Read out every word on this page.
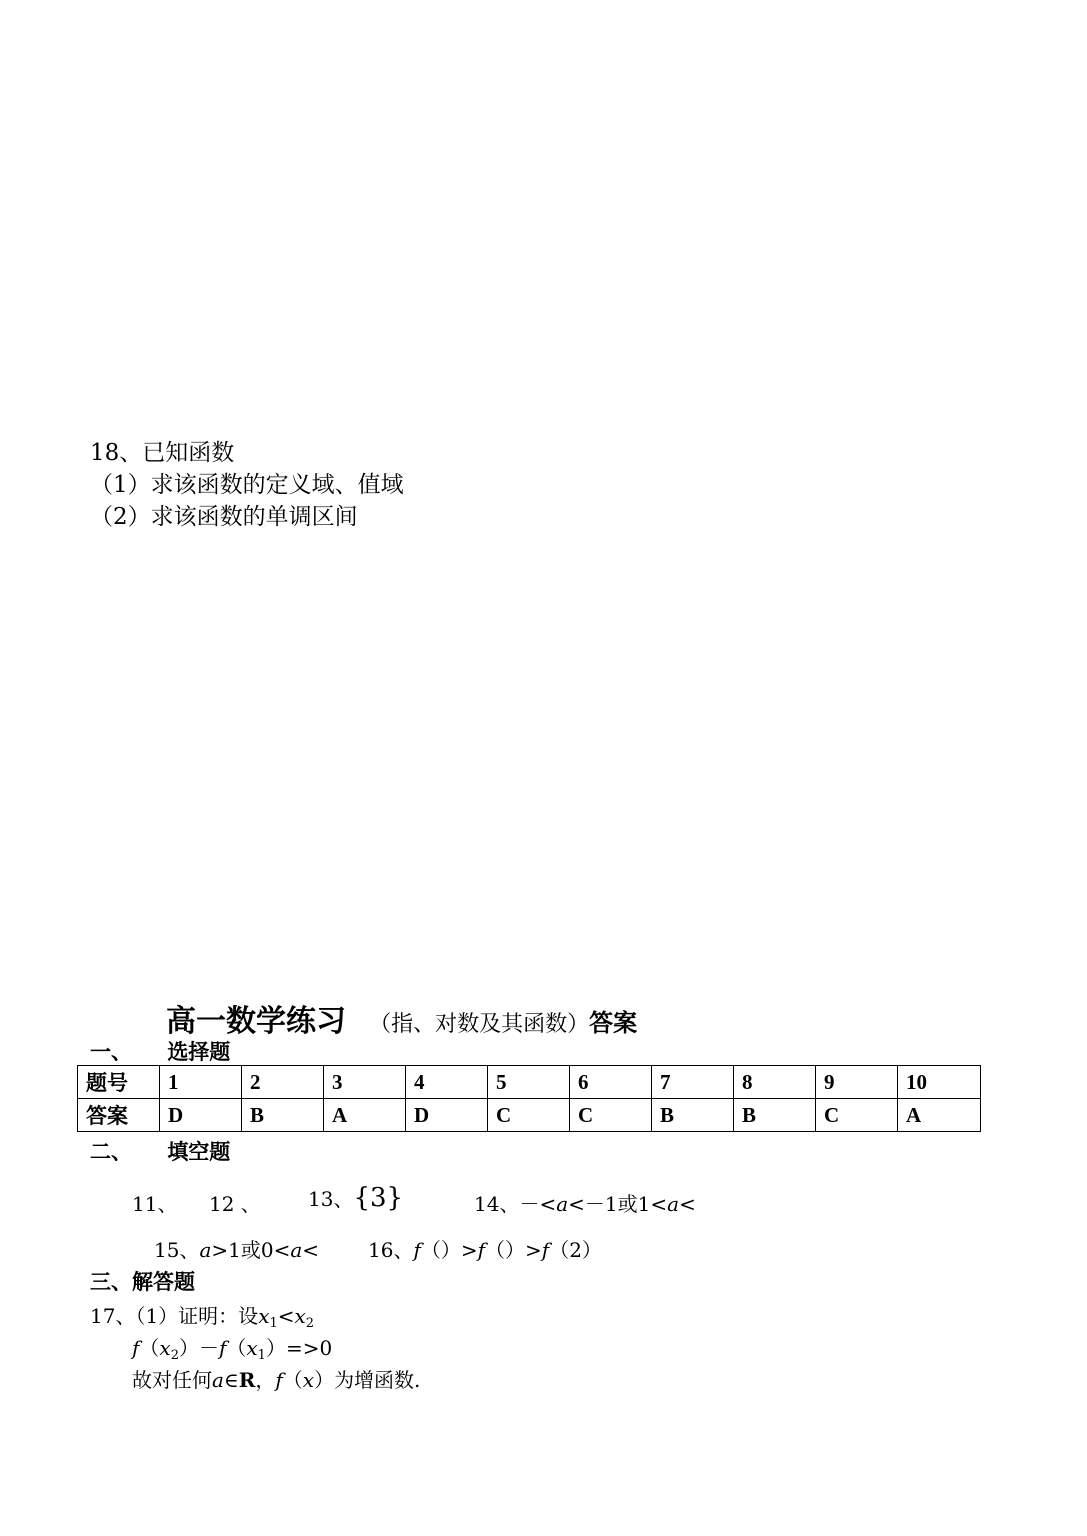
18、已知函数
（1）求该函数的定义域、值域
（2）求该函数的单调区间
高一数学练习 （指、对数及其函数）答案
一、 选择题
题号	1	2	3	4	5	6	7	8	9	10
答案	D	B	A	D	C	C	B	B	C	A
二、 填空题
11、 12 、 13、{3}	14、－<a<－1或1<a<
15、a>1或0<a< 16、f（）>f（）>f（2）
三、解答题
17、（1）证明：设$x_1<x_2$
$f(x_2)-f(x_1)=>0$
故对任何a∈R，f（x）为增函数.
